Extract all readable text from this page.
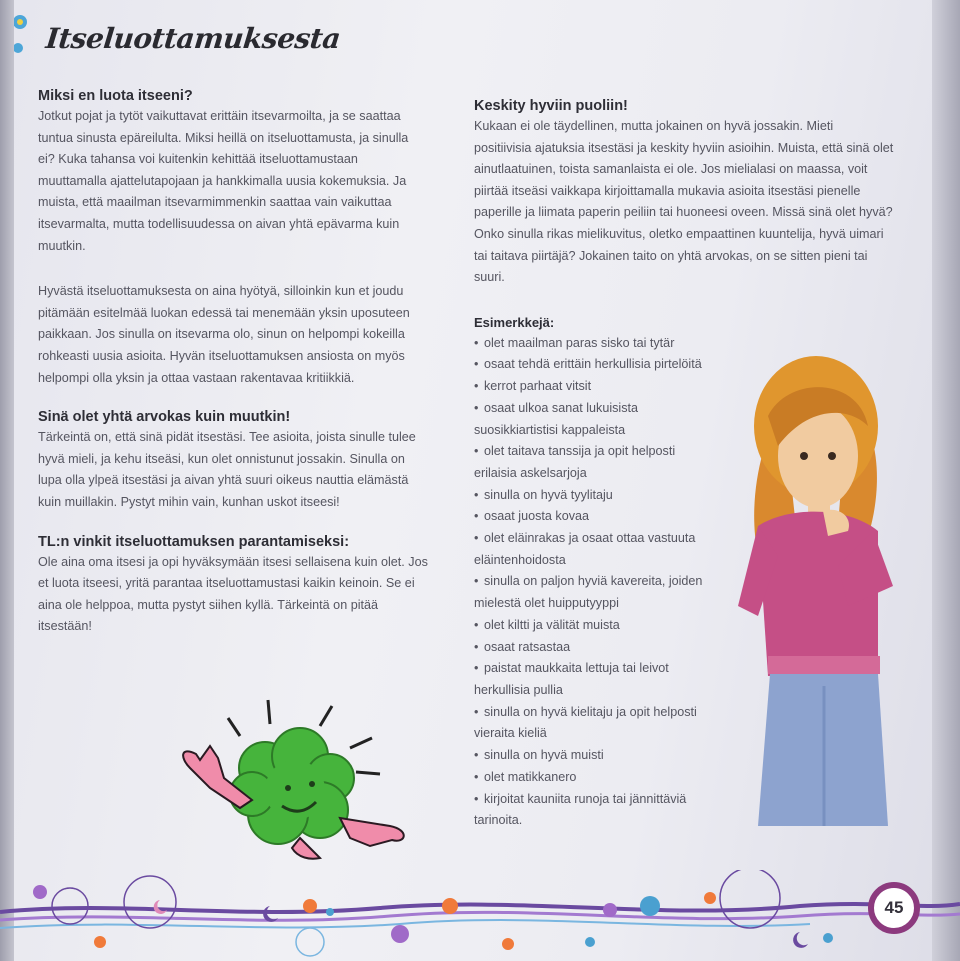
Itseluottamuksesta
Miksi en luota itseeni?

Jotkut pojat ja tytöt vaikuttavat erittäin itsevarmoilta, ja se saattaa tuntua sinusta epäreilulta. Miksi heillä on itseluottamusta, ja sinulla ei? Kuka tahansa voi kuitenkin kehittää itseluottamustaan muuttamalla ajattelutapojaan ja hankkimalla uusia kokemuksia. Ja muista, että maailman itsevarmimmenkin saattaa vain vaikuttaa itsevarmalta, mutta todellisuudessa on aivan yhtä epävarma kuin muutkin.

Hyvästä itseluottamuksesta on aina hyötyä, silloinkin kun et joudu pitämään esitelmää luokan edessä tai menemään yksin uposuteen paikkaan. Jos sinulla on itsevarma olo, sinun on helpompi kokeilla rohkeasti uusia asioita. Hyvän itseluottamuksen ansiosta on myös helpompi olla yksin ja ottaa vastaan rakentavaa kritiikkiä.

Sinä olet yhtä arvokas kuin muutkin!

Tärkeintä on, että sinä pidät itsestäsi. Tee asioita, joista sinulle tulee hyvä mieli, ja kehu itseäsi, kun olet onnistunut jossakin. Sinulla on lupa olla ylpeä itsestäsi ja aivan yhtä suuri oikeus nauttia elämästä kuin muillakin. Pystyt mihin vain, kunhan uskot itseesi!

TL:n vinkit itseluottamuksen parantamiseksi:

Ole aina oma itsesi ja opi hyväksymään itsesi sellaisena kuin olet. Jos et luota itseesi, yritä parantaa itseluottamustasi kaikin keinoin. Se ei aina ole helppoa, mutta pystyt siihen kyllä. Tärkeintä on pitää itsestään!

Keskity hyviin puoliin!

Kukaan ei ole täydellinen, mutta jokainen on hyvä jossakin. Mieti positiivisia ajatuksia itsestäsi ja keskity hyviin asioihin. Muista, että sinä olet ainutlaatuinen, toista samanlaista ei ole. Jos mielialasi on maassa, voit piirtää itseäsi vaikkapa kirjoittamalla mukavia asioita itsestäsi pienelle paperille ja liimata paperin peiliin tai huoneesi oveen. Missä sinä olet hyvä? Onko sinulla rikas mielikuvitus, oletko empaattinen kuuntelija, hyvä uimari tai taitava piirtäjä? Jokainen taito on yhtä arvokas, on se sitten pieni tai suuri.

Esimerkkejä:
• olet maailman paras sisko tai tytär
• osaat tehdä erittäin herkullisia pirtelöitä
• kerrot parhaat vitsit
• osaat ulkoa sanat lukuisista suosikkiartistisi kappaleista
• olet taitava tanssija ja opit helposti erilaisia askelsarjoja
• sinulla on hyvä tyylitaju
• osaat juosta kovaa
• olet eläinrakas ja osaat ottaa vastuuta eläintenhoidosta
• sinulla on paljon hyviä kavereita, joiden mielestä olet huipputyyppi
• olet kiltti ja välität muista
• osaat ratsastaa
• paistat maukkaita lettuja tai leivot herkullisia pullia
• sinulla on hyvä kielitaju ja opit helposti vieraita kieliä
• sinulla on hyvä muisti
• olet matikkanero
• kirjoitat kauniita runoja tai jännittäviä tarinoita.
45
